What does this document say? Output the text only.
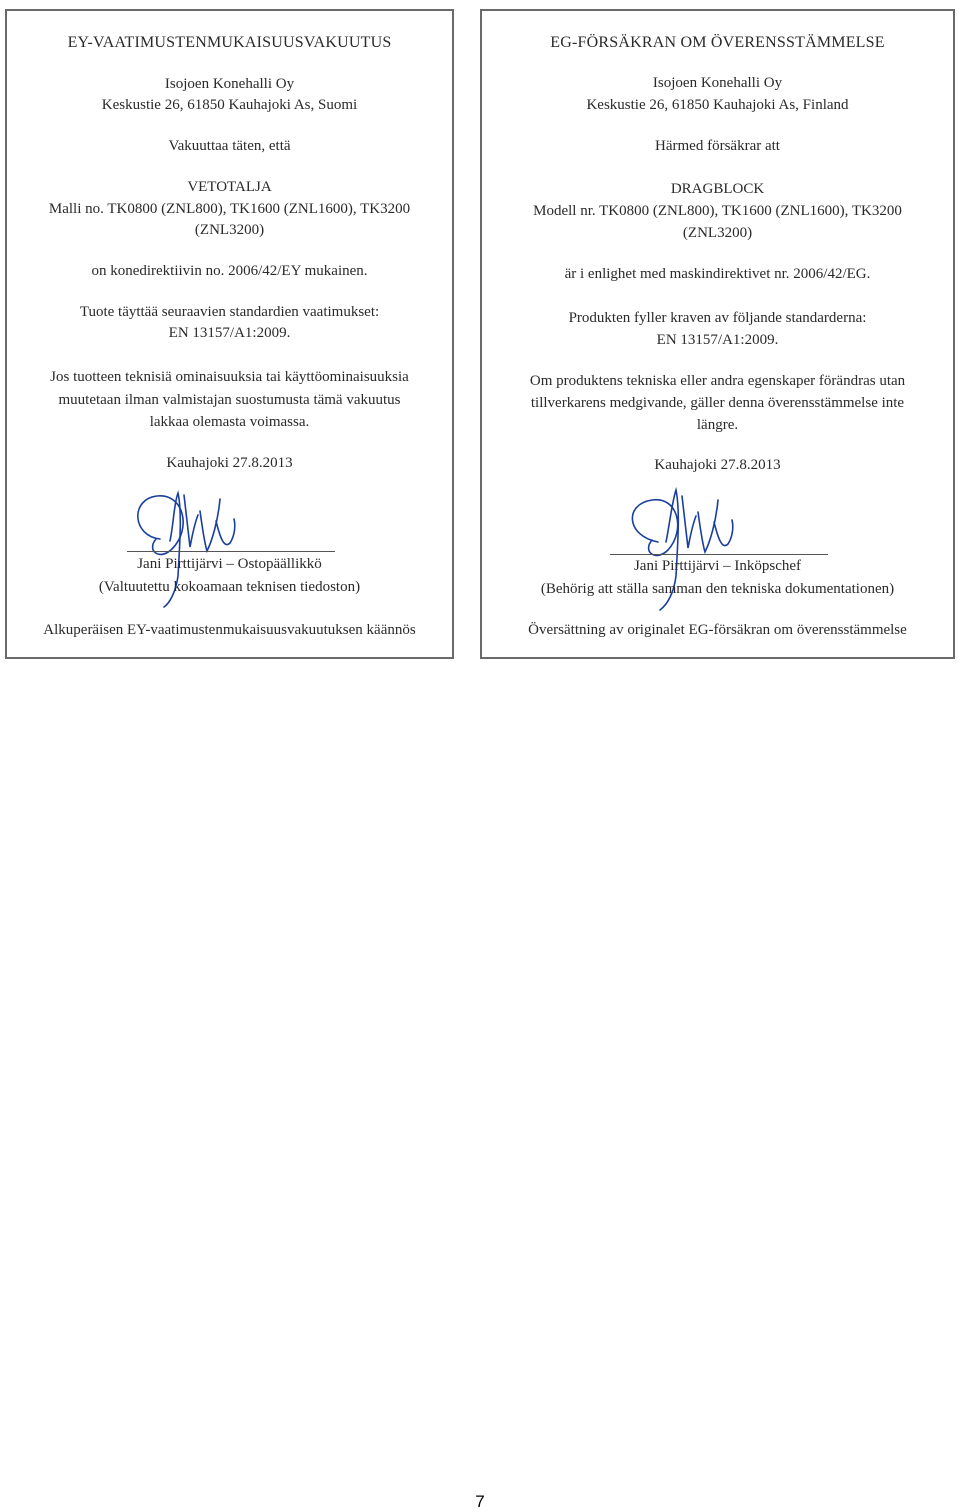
EY-VAATIMUSTENMUKAISUUSVAKUUTUS
Isojoen Konehalli Oy
Keskustie 26, 61850 Kauhajoki As, Suomi
Vakuuttaa täten, että
VETOTALJA
Malli no. TK0800 (ZNL800), TK1600 (ZNL1600), TK3200
(ZNL3200)
on konedirektiivin no. 2006/42/EY mukainen.
Tuote täyttää seuraavien standardien vaatimukset:
EN 13157/A1:2009.
Jos tuotteen teknisiä ominaisuuksia tai käyttöominaisuuksia
muutetaan ilman valmistajan suostumusta tämä vakuutus
lakkaa olemasta voimassa.
Kauhajoki 27.8.2013
Jani Pirttijärvi – Ostopäällikkö
(Valtuutettu kokoamaan teknisen tiedoston)
Alkuperäisen EY-vaatimustenmukaisuusvakuutuksen käännös
EG-FÖRSÄKRAN OM ÖVERENSSTÄMMELSE
Isojoen Konehalli Oy
Keskustie 26, 61850 Kauhajoki As, Finland
Härmed försäkrar att
DRAGBLOCK
Modell nr. TK0800 (ZNL800), TK1600 (ZNL1600), TK3200
(ZNL3200)
är i enlighet med maskindirektivet nr. 2006/42/EG.
Produkten fyller kraven av följande standarderna:
EN 13157/A1:2009.
Om produktens tekniska eller andra egenskaper förändras utan
tillverkarens medgivande, gäller denna överensstämmelse inte
längre.
Kauhajoki 27.8.2013
Jani Pirttijärvi – Inköpschef
(Behörig att ställa samman den tekniska dokumentationen)
Översättning av originalet EG-försäkran om överensstämmelse
7
